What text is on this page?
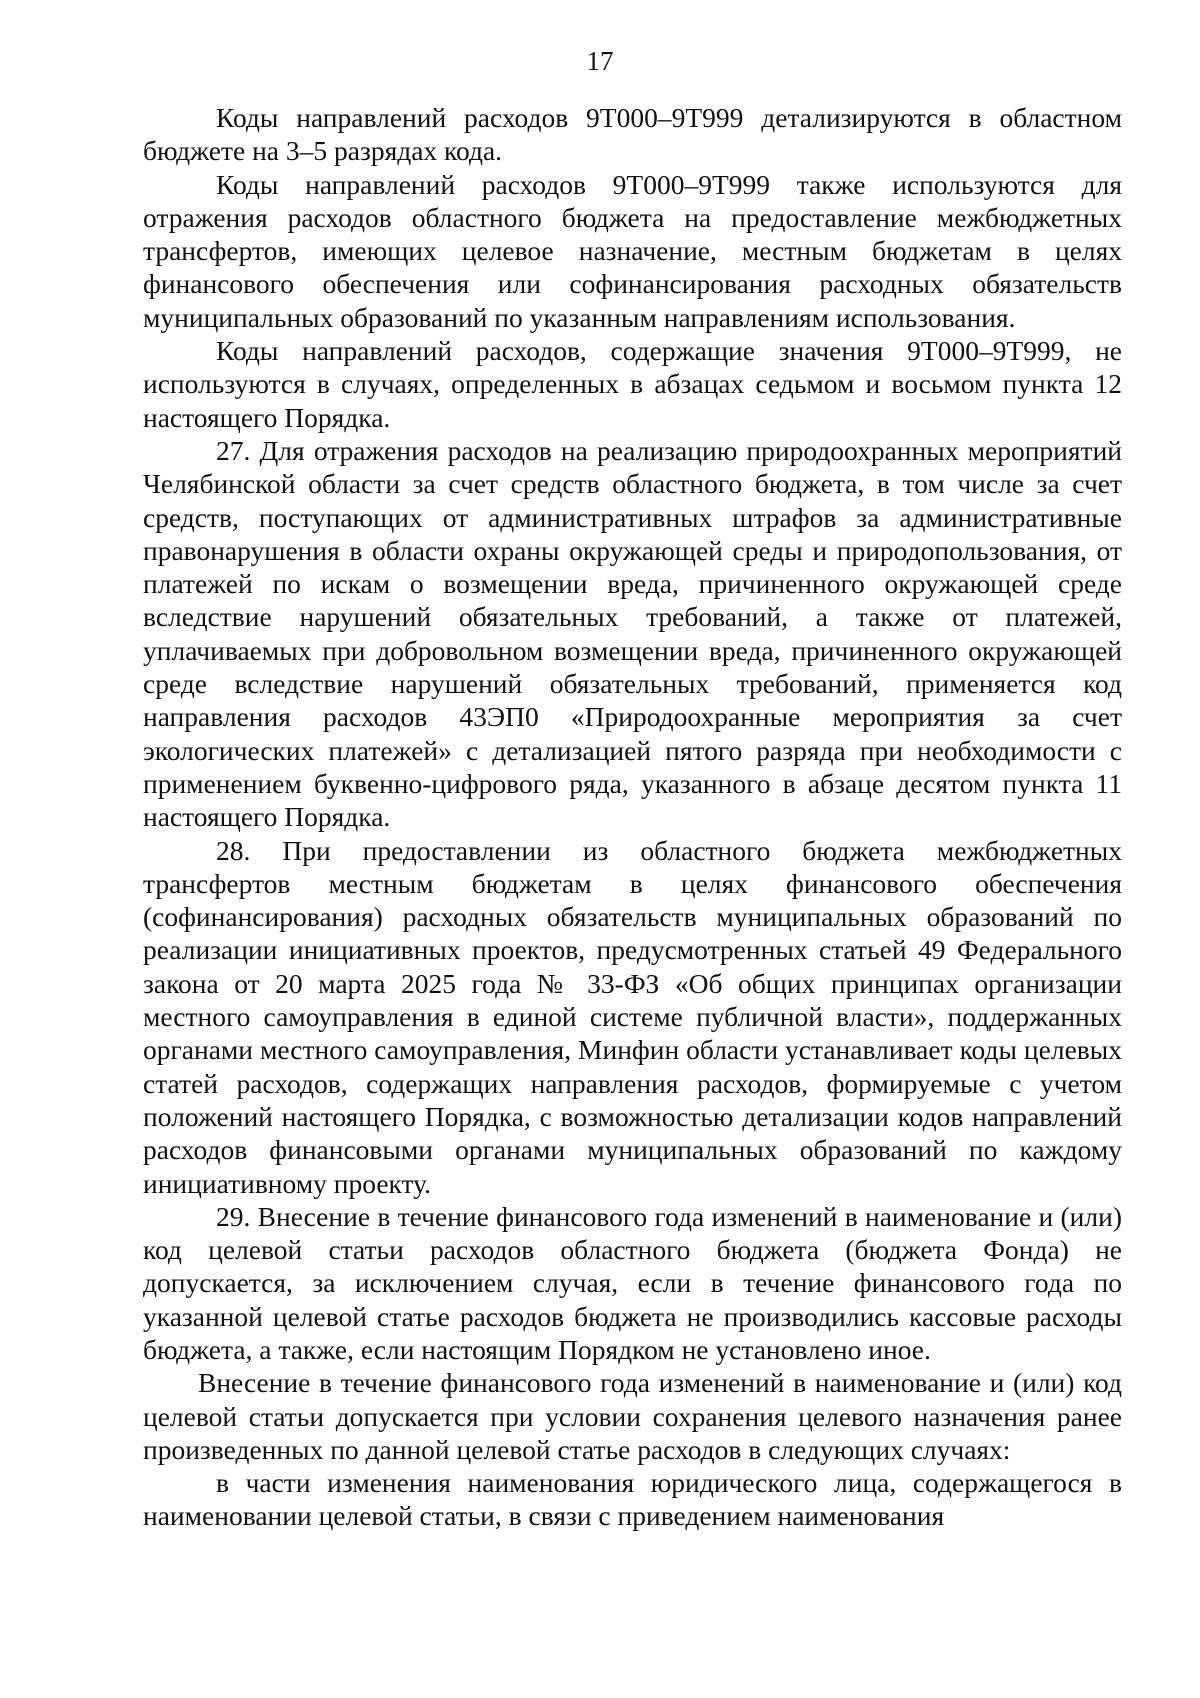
17

Коды направлений расходов 9Т000–9Т999 детализируются в областном бюджете на 3–5 разрядах кода.

Коды направлений расходов 9Т000–9Т999 также используются для отражения расходов областного бюджета на предоставление межбюджетных трансфертов, имеющих целевое назначение, местным бюджетам в целях финансового обеспечения или софинансирования расходных обязательств муниципальных образований по указанным направлениям использования.

Коды направлений расходов, содержащие значения 9Т000–9Т999, не используются в случаях, определенных в абзацах седьмом и восьмом пункта 12 настоящего Порядка.

27. Для отражения расходов на реализацию природоохранных мероприятий Челябинской области за счет средств областного бюджета, в том числе за счет средств, поступающих от административных штрафов за административные правонарушения в области охраны окружающей среды и природопользования, от платежей по искам о возмещении вреда, причиненного окружающей среде вследствие нарушений обязательных требований, а также от платежей, уплачиваемых при добровольном возмещении вреда, причиненного окружающей среде вследствие нарушений обязательных требований, применяется код направления расходов 43ЭП0 «Природоохранные мероприятия за счет экологических платежей» с детализацией пятого разряда при необходимости с применением буквенно-цифрового ряда, указанного в абзаце десятом пункта 11 настоящего Порядка.

28. При предоставлении из областного бюджета межбюджетных трансфертов местным бюджетам в целях финансового обеспечения (софинансирования) расходных обязательств муниципальных образований по реализации инициативных проектов, предусмотренных статьей 49 Федерального закона от 20 марта 2025 года № 33-ФЗ «Об общих принципах организации местного самоуправления в единой системе публичной власти», поддержанных органами местного самоуправления, Минфин области устанавливает коды целевых статей расходов, содержащих направления расходов, формируемые с учетом положений настоящего Порядка, с возможностью детализации кодов направлений расходов финансовыми органами муниципальных образований по каждому инициативному проекту.

29. Внесение в течение финансового года изменений в наименование и (или) код целевой статьи расходов областного бюджета (бюджета Фонда) не допускается, за исключением случая, если в течение финансового года по указанной целевой статье расходов бюджета не производились кассовые расходы бюджета, а также, если настоящим Порядком не установлено иное.

Внесение в течение финансового года изменений в наименование и (или) код целевой статьи допускается при условии сохранения целевого назначения ранее произведенных по данной целевой статье расходов в следующих случаях:

в части изменения наименования юридического лица, содержащегося в наименовании целевой статьи, в связи с приведением наименования
